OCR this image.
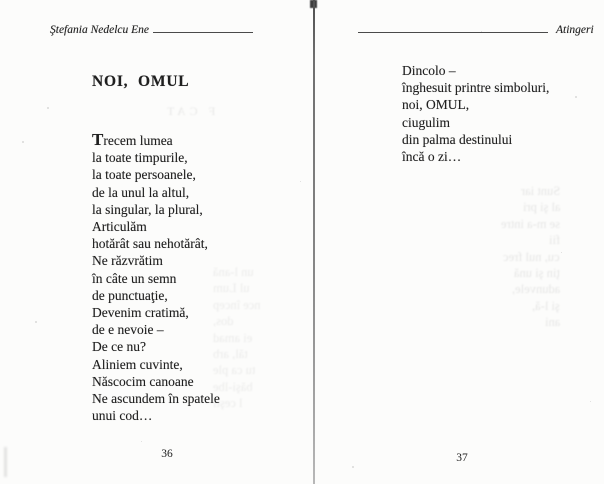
Ştefania Nedelcu Ene	Atingeri
NOI, OMUL
F CAT
Trecem lumea
la toate timpurile,
la toate persoanele,
de la unul la altul,
la singular, la plural,
Articulăm
hotărât sau nehotărât,
Ne răzvrătim
în câte un semn
de punctuaţie,
Devenim cratimă,
de e nevoie –
De ce nu?
Aliniem cuvinte,
Născocim canoane
Ne ascundem în spatele
unui cod…
Dincolo –
înghesuit printre simboluri,
noi, OMUL,
ciugulim
din palma destinului
încă o zi…
Sunt iar
al şi pri
se m-a intre
fii
cu, nul frec
ţin şi ună
adunvele,
şi l-ă,
ani
un l-ană
ul Lum
nce încep
dos,
ei amad
tăl, arb
tu ca ple
băşi-lbe
l ceşti
36	37
